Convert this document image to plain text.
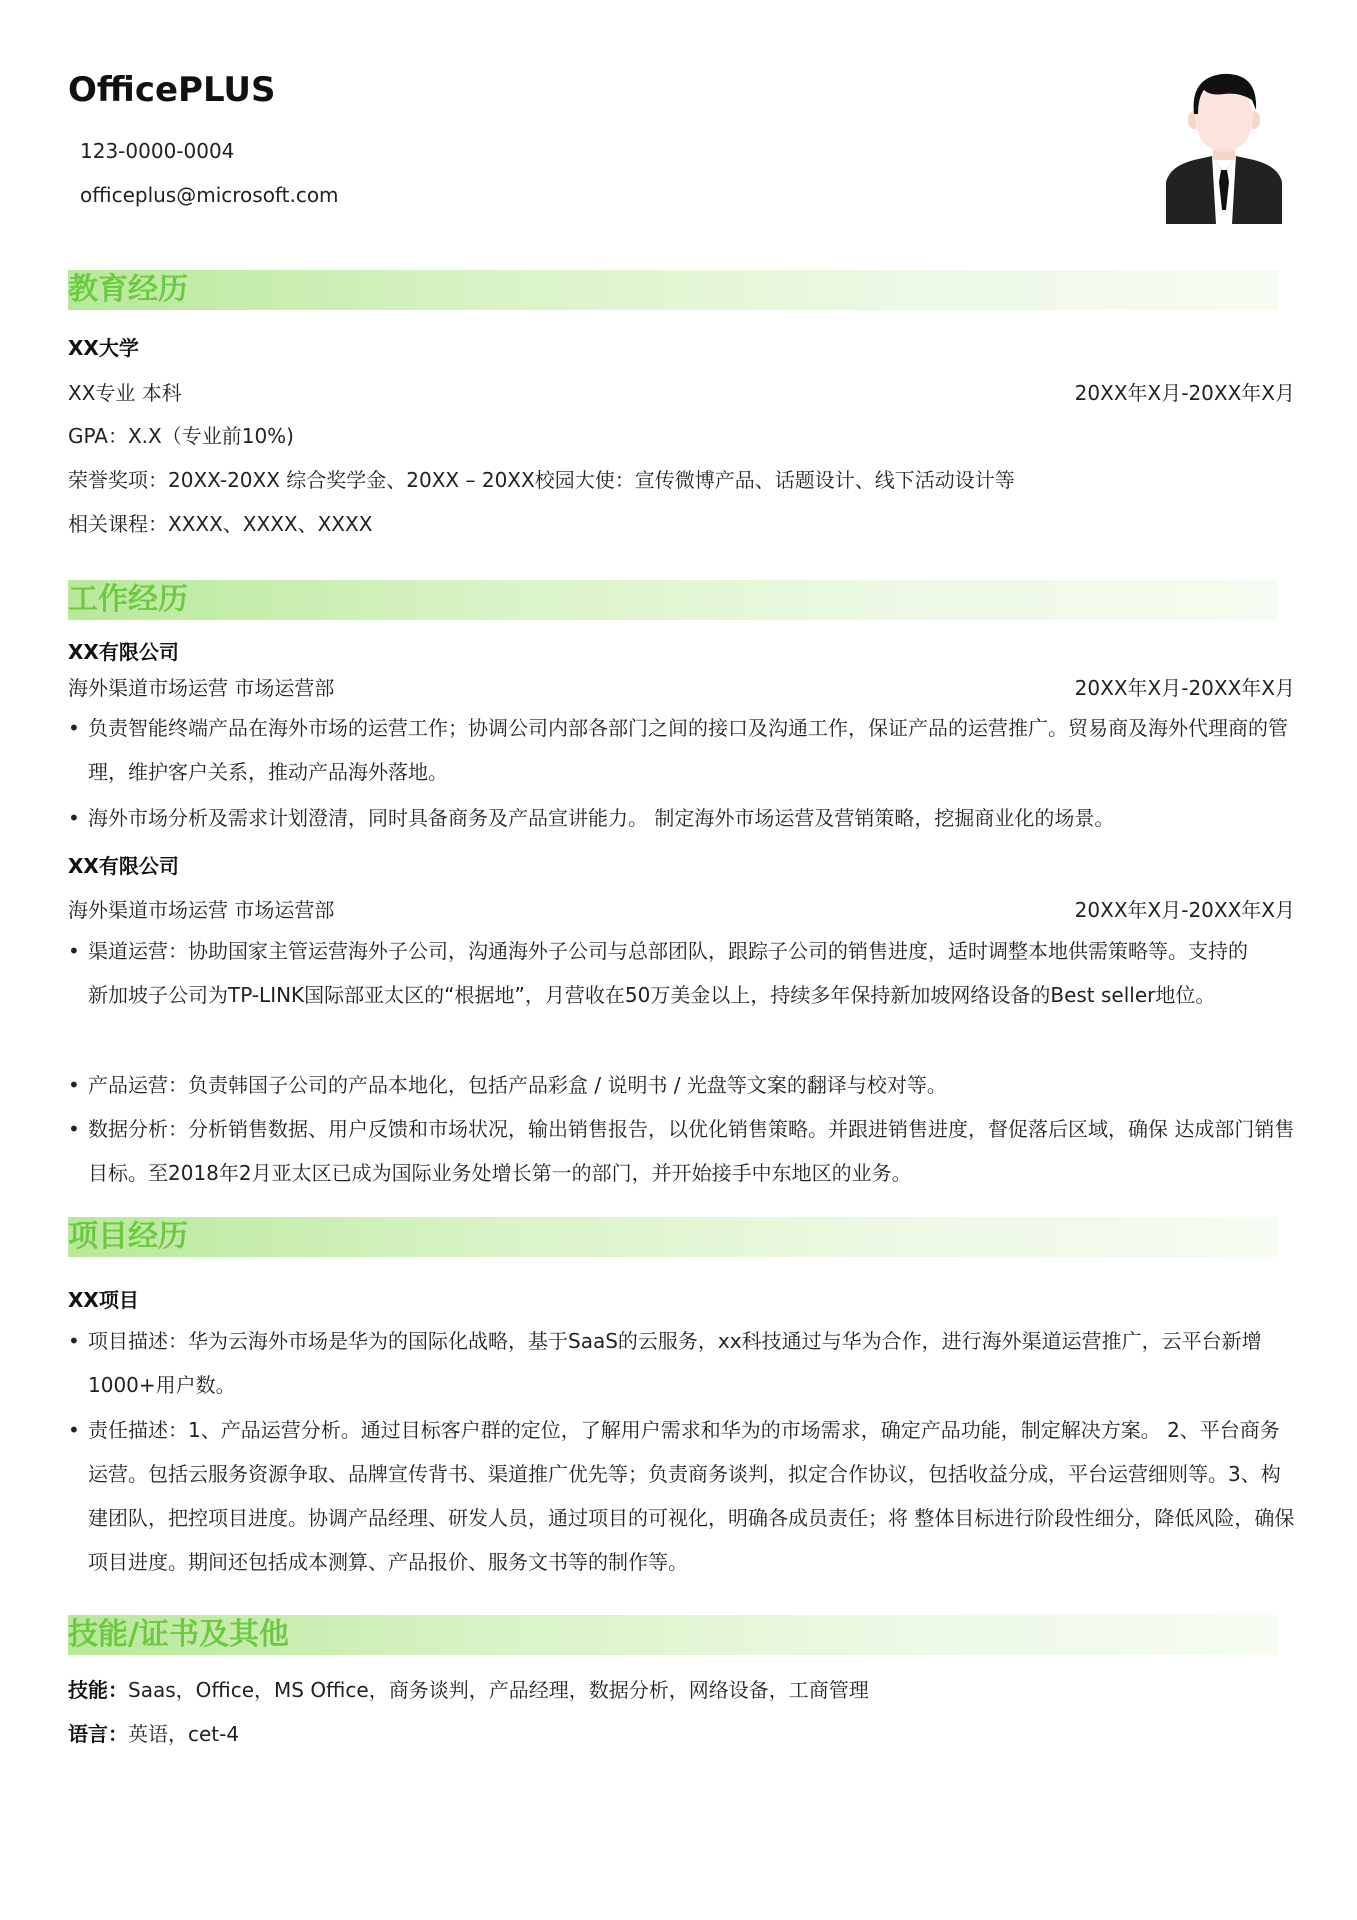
OfficePLUS
123-0000-0004
officeplus@microsoft.com
教育经历
XX大学
XX专业 本科	20XX年X月-20XX年X月
GPA：X.X（专业前10%)
荣誉奖项：20XX-20XX 综合奖学金、20XX – 20XX校园大使：宣传微博产品、话题设计、线下活动设计等
相关课程：XXXX、XXXX、XXXX
工作经历
XX有限公司
海外渠道市场运营 市场运营部	20XX年X月-20XX年X月
• 负责智能终端产品在海外市场的运营工作；协调公司内部各部门之间的接口及沟通工作，保证产品的运营推广。贸易商及海外代理商的管理，维护客户关系，推动产品海外落地。
• 海外市场分析及需求计划澄清，同时具备商务及产品宣讲能力。 制定海外市场运营及营销策略，挖掘商业化的场景。
XX有限公司
海外渠道市场运营 市场运营部	20XX年X月-20XX年X月
• 渠道运营：协助国家主管运营海外子公司，沟通海外子公司与总部团队，跟踪子公司的销售进度，适时调整本地供需策略等。支持的新加坡子公司为TP-LINK国际部亚太区的“根据地”，月营收在50万美金以上，持续多年保持新加坡网络设备的Best seller地位。
• 产品运营：负责韩国子公司的产品本地化，包括产品彩盒 / 说明书 / 光盘等文案的翻译与校对等。
• 数据分析：分析销售数据、用户反馈和市场状况，输出销售报告，以优化销售策略。并跟进销售进度，督促落后区域，确保 达成部门销售目标。至2018年2月亚太区已成为国际业务处增长第一的部门，并开始接手中东地区的业务。
项目经历
XX项目
• 项目描述：华为云海外市场是华为的国际化战略，基于SaaS的云服务，xx科技通过与华为合作，进行海外渠道运营推广，云平台新增1000+用户数。
• 责任描述：1、产品运营分析。通过目标客户群的定位，了解用户需求和华为的市场需求，确定产品功能，制定解决方案。 2、平台商务运营。包括云服务资源争取、品牌宣传背书、渠道推广优先等；负责商务谈判，拟定合作协议，包括收益分成，平台运营细则等。3、构建团队，把控项目进度。协调产品经理、研发人员，通过项目的可视化，明确各成员责任；将 整体目标进行阶段性细分，降低风险，确保项目进度。期间还包括成本测算、产品报价、服务文书等的制作等。
技能/证书及其他
技能：Saas，Office，MS Office，商务谈判，产品经理，数据分析，网络设备，工商管理
语言：英语，cet-4
